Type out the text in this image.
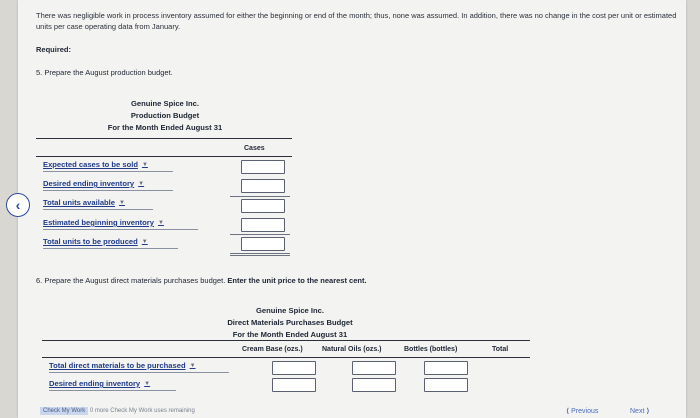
There was negligible work in process inventory assumed for either the beginning or end of the month; thus, none was assumed. In addition, there was no change in the cost per unit or estimated units per case operating data from January.
Required:
5. Prepare the August production budget.
Genuine Spice Inc.
Production Budget
For the Month Ended August 31
Cases
Expected cases to be sold ▼
Desired ending inventory ▼
Total units available ▼
Estimated beginning inventory ▼
Total units to be produced ▼
‹
6. Prepare the August direct materials purchases budget. Enter the unit price to the nearest cent.
Genuine Spice Inc.
Direct Materials Purchases Budget
For the Month Ended August 31
Cream Base (ozs.)	Natural Oils (ozs.)	Bottles (bottles)	Total
Total direct materials to be purchased ▼
Desired ending inventory ▼
Check My Work 0 more Check My Work uses remaining	⟨ Previous	Next ⟩
